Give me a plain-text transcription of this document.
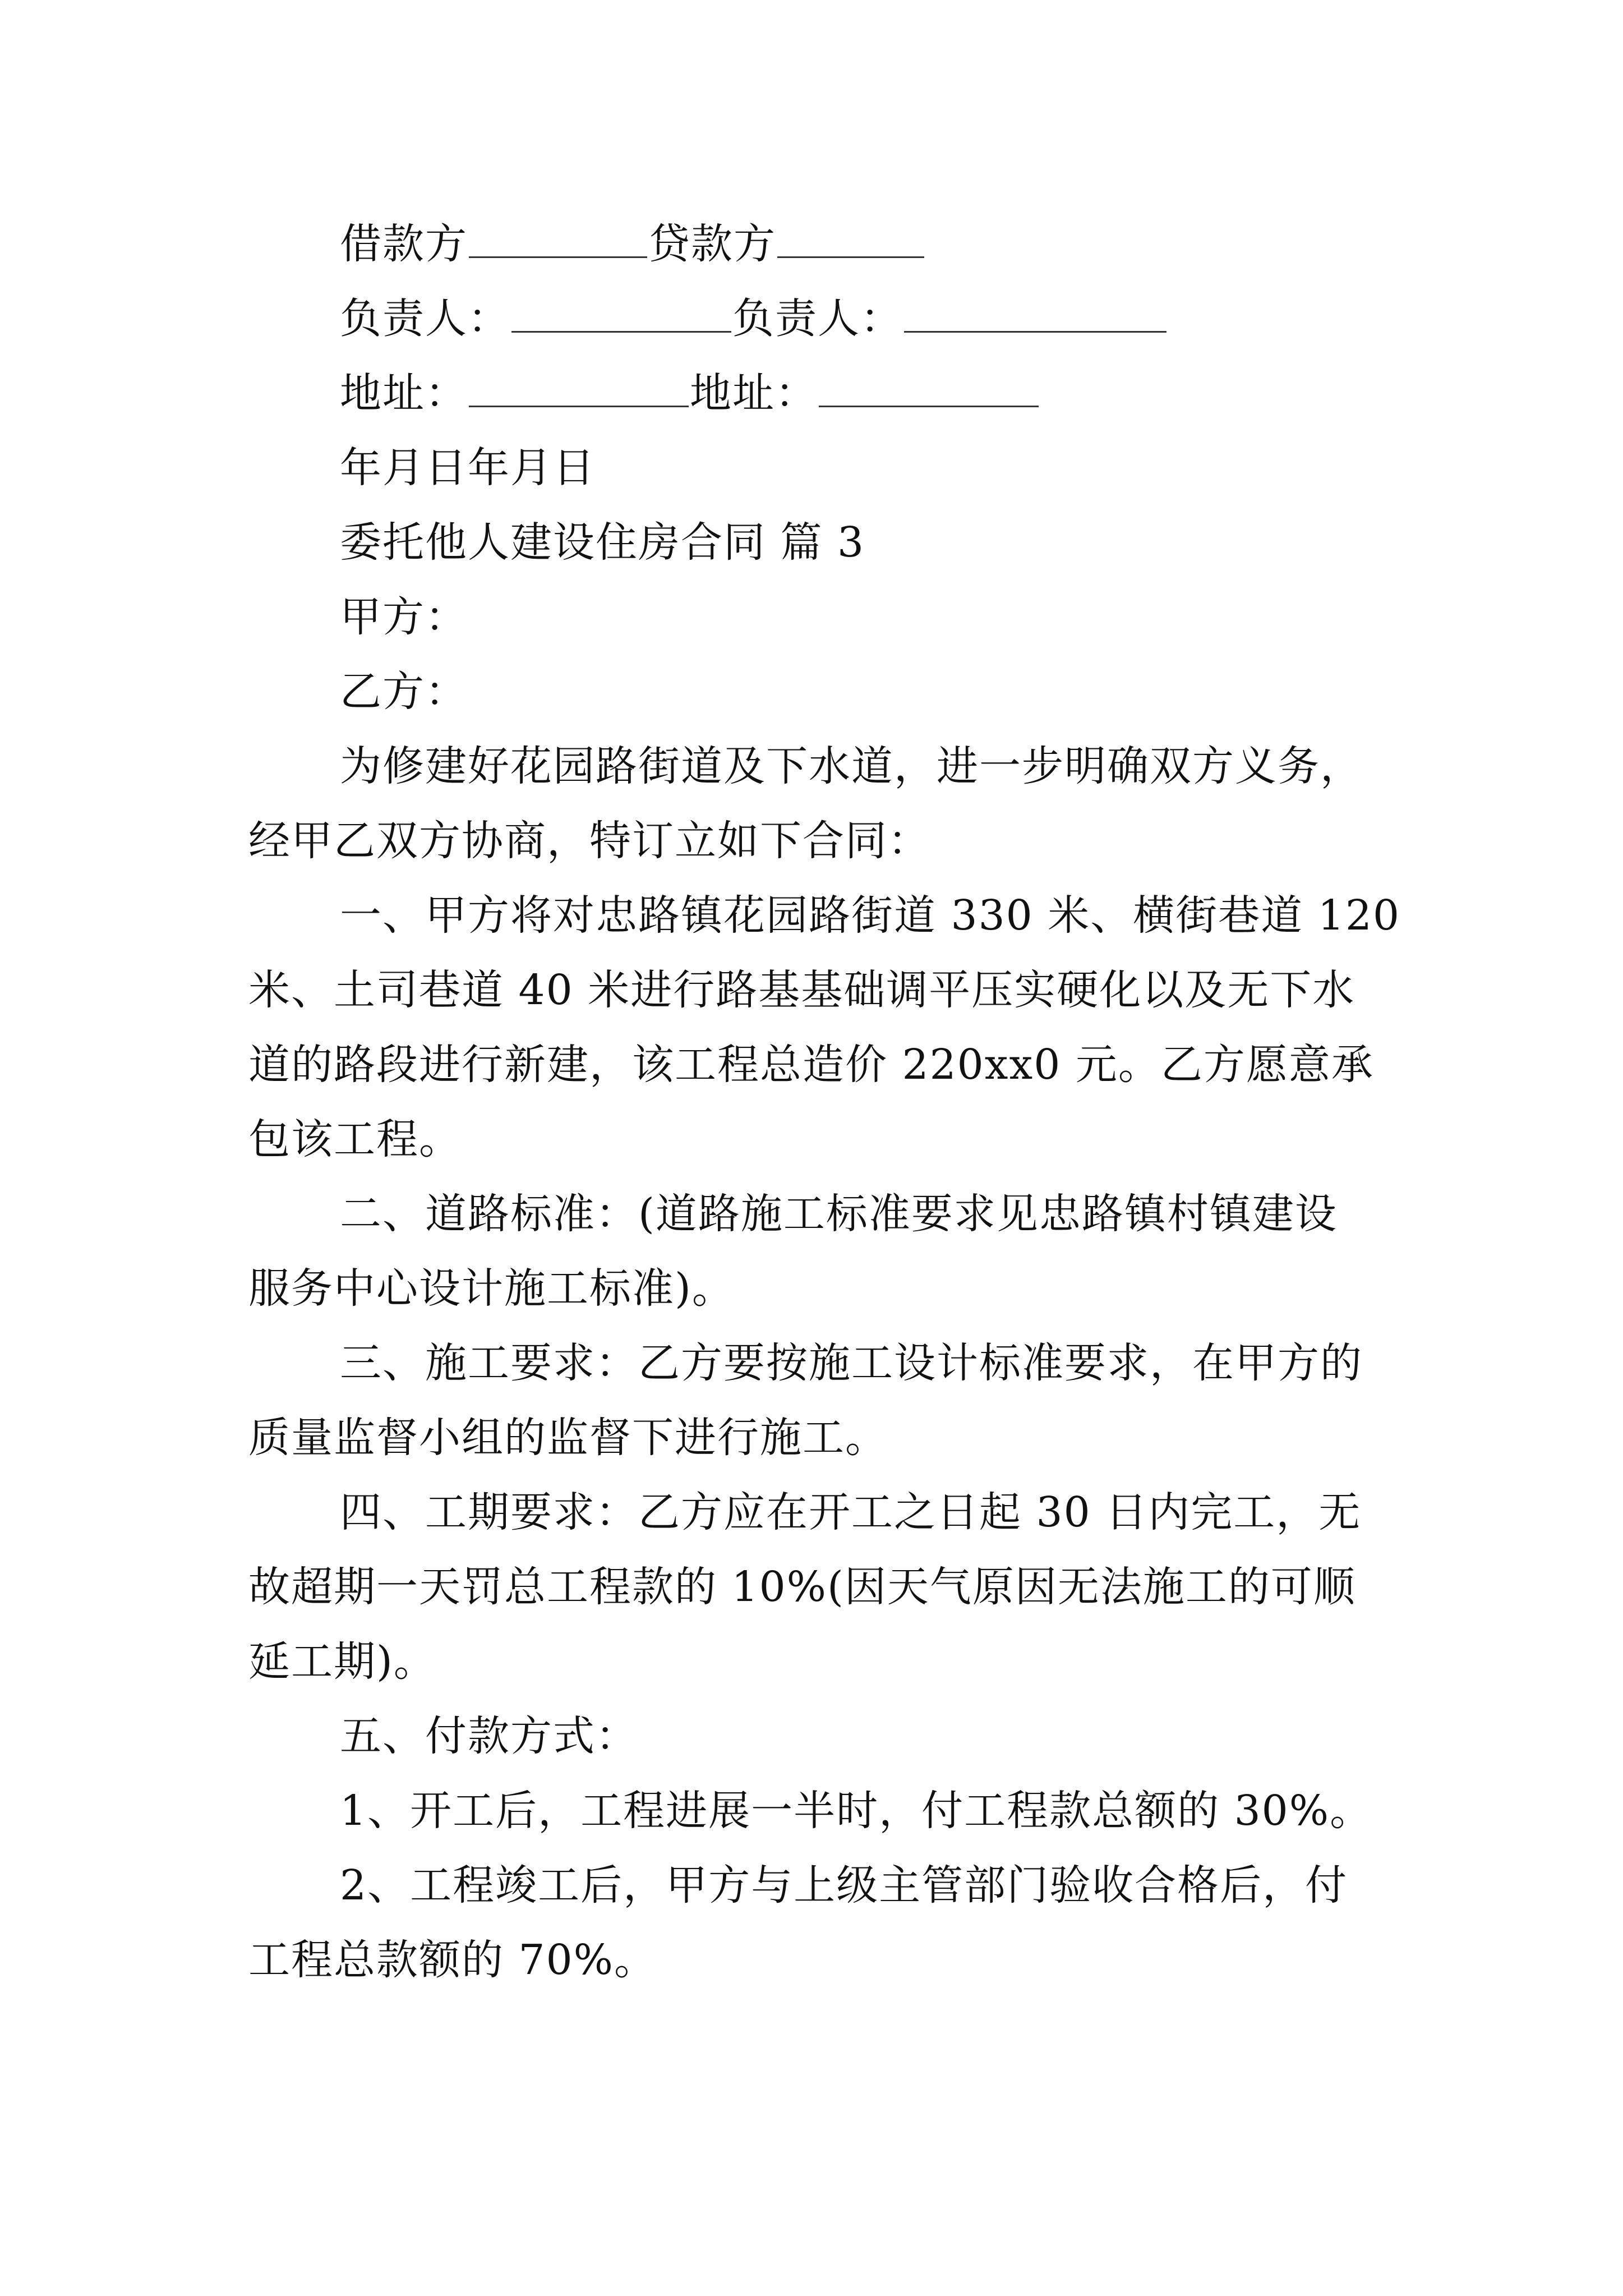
借款方	贷款方
负责人：	负责人：
地址：	地址：
年月日年月日
委托他人建设住房合同 篇 3
甲方：
乙方：
为修建好花园路街道及下水道，进一步明确双方义务，
经甲乙双方协商，特订立如下合同：
一、甲方将对忠路镇花园路街道 330 米、横街巷道 120
米、土司巷道 40 米进行路基基础调平压实硬化以及无下水
道的路段进行新建，该工程总造价 220xx0 元。乙方愿意承
包该工程。
二、道路标准：(道路施工标准要求见忠路镇村镇建设
服务中心设计施工标准)。
三、施工要求：乙方要按施工设计标准要求，在甲方的
质量监督小组的监督下进行施工。
四、工期要求：乙方应在开工之日起 30 日内完工，无
故超期一天罚总工程款的 10%(因天气原因无法施工的可顺
延工期)。
五、付款方式：
1、开工后，工程进展一半时，付工程款总额的 30%。
2、工程竣工后，甲方与上级主管部门验收合格后，付
工程总款额的 70%。
